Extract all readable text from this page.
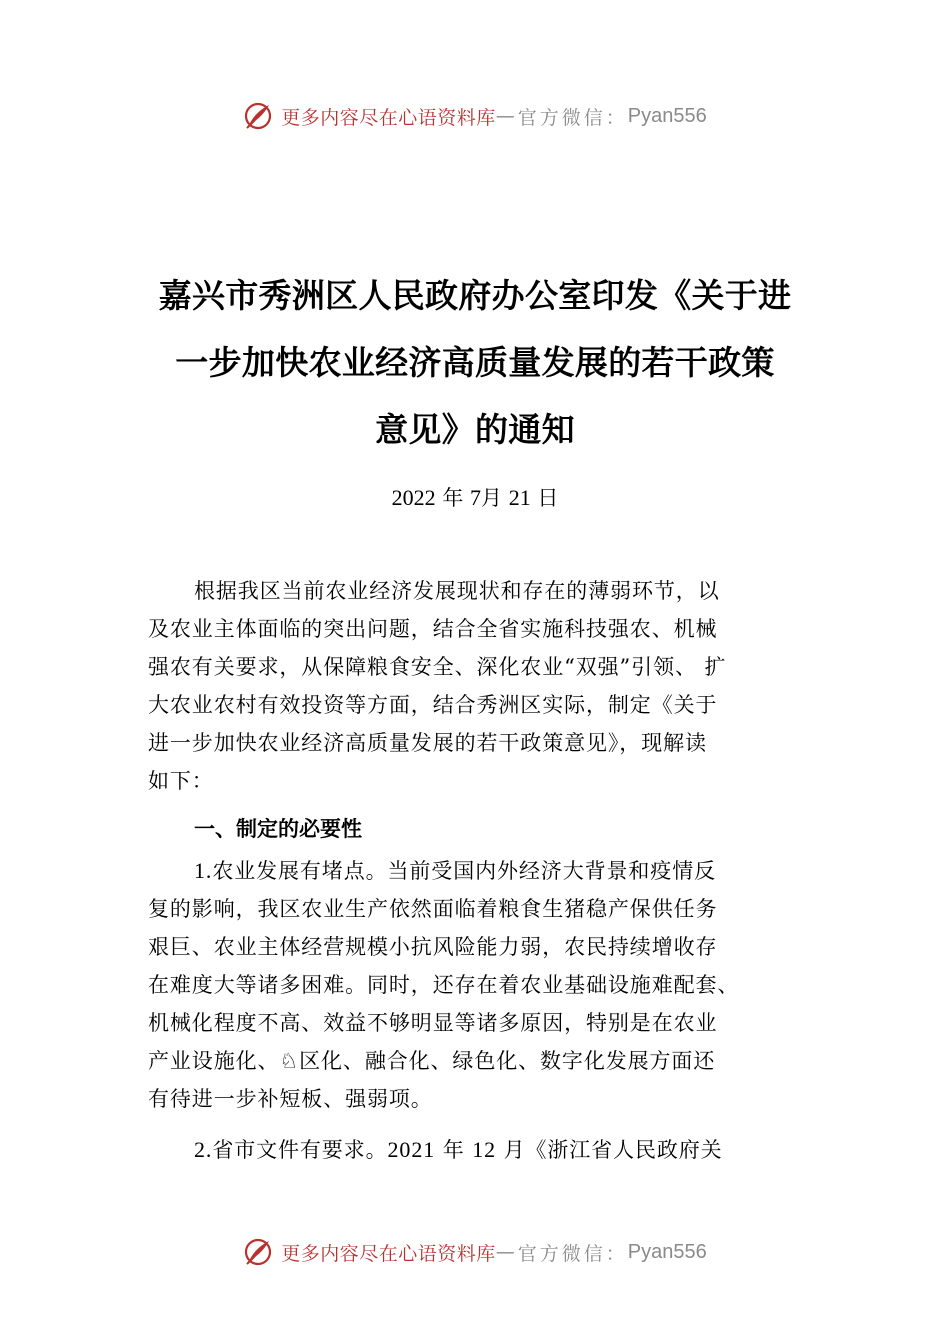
更多内容尽在心语资料库 — 官方微信： Pyan556
嘉兴市秀洲区人民政府办公室印发《关于进
一步加快农业经济高质量发展的若干政策
意见》的通知
2022 年 7月 21 日
根据我区当前农业经济发展现状和存在的薄弱环节，以
及农业主体面临的突出问题，结合全省实施科技强农、机械
强农有关要求，从保障粮食安全、深化农业“双强”引领、 扩
大农业农村有效投资等方面，结合秀洲区实际，制定《关于
进一步加快农业经济高质量发展的若干政策意见》，现解读
如下：
一、制定的必要性
1.农业发展有堵点。当前受国内外经济大背景和疫情反
复的影响，我区农业生产依然面临着粮食生猪稳产保供任务
艰巨、农业主体经营规模小抗风险能力弱，农民持续增收存
在难度大等诸多困难。同时，还存在着农业基础设施难配套、
机械化程度不高、效益不够明显等诸多原因，特别是在农业
产业设施化、♘区化、融合化、绿色化、数字化发展方面还
有待进一步补短板、强弱项。
2.省市文件有要求。2021 年 12 月《浙江省人民政府关
更多内容尽在心语资料库 — 官方微信： Pyan556
